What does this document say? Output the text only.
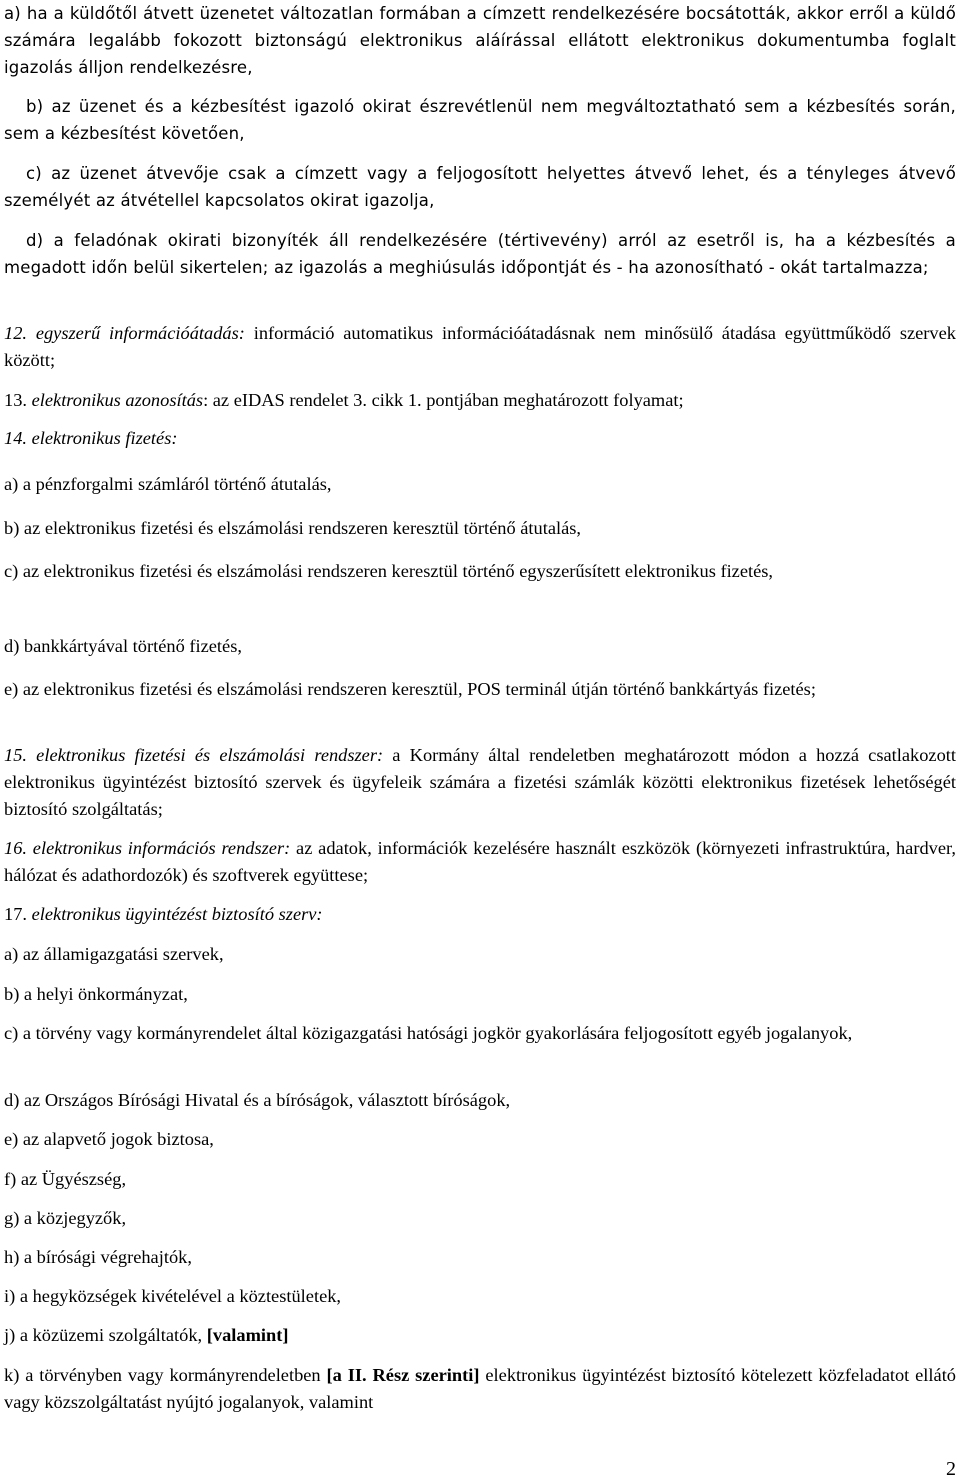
a) ha a küldőtől átvett üzenetet változatlan formában a címzett rendelkezésére bocsátották, akkor erről a küldő számára legalább fokozott biztonságú elektronikus aláírással ellátott elektronikus dokumentumba foglalt igazolás álljon rendelkezésre,

b) az üzenet és a kézbesítést igazoló okirat észrevétlenül nem megváltoztatható sem a kézbesítés során, sem a kézbesítést követően,

c) az üzenet átvevője csak a címzett vagy a feljogosított helyettes átvevő lehet, és a tényleges átvevő személyét az átvétellel kapcsolatos okirat igazolja,

d) a feladónak okirati bizonyíték áll rendelkezésére (tértivevény) arról az esetről is, ha a kézbesítés a megadott időn belül sikertelen; az igazolás a meghiúsulás időpontját és - ha azonosítható - okát tartalmazza;

12. egyszerű információátadás: információ automatikus információátadásnak nem minősülő átadása együttműködő szervek között;

13. elektronikus azonosítás: az eIDAS rendelet 3. cikk 1. pontjában meghatározott folyamat;

14. elektronikus fizetés:

a) a pénzforgalmi számláról történő átutalás,

b) az elektronikus fizetési és elszámolási rendszeren keresztül történő átutalás,

c) az elektronikus fizetési és elszámolási rendszeren keresztül történő egyszerűsített elektronikus fizetés,

d) bankkártyával történő fizetés,

e) az elektronikus fizetési és elszámolási rendszeren keresztül, POS terminál útján történő bankkártyás fizetés;

15. elektronikus fizetési és elszámolási rendszer: a Kormány által rendeletben meghatározott módon a hozzá csatlakozott elektronikus ügyintézést biztosító szervek és ügyfeleik számára a fizetési számlák közötti elektronikus fizetések lehetőségét biztosító szolgáltatás;

16. elektronikus információs rendszer: az adatok, információk kezelésére használt eszközök (környezeti infrastruktúra, hardver, hálózat és adathordozók) és szoftverek együttese;

17. elektronikus ügyintézést biztosító szerv:

a) az államigazgatási szervek,

b) a helyi önkormányzat,

c) a törvény vagy kormányrendelet által közigazgatási hatósági jogkör gyakorlására feljogosított egyéb jogalanyok,

d) az Országos Bírósági Hivatal és a bíróságok, választott bíróságok,

e) az alapvető jogok biztosa,

f) az Ügyészség,

g) a közjegyzők,

h) a bírósági végrehajtók,

i) a hegyközségek kivételével a köztestületek,

j) a közüzemi szolgáltatók, [valamint]

k) a törvényben vagy kormányrendeletben [a II. Rész szerinti] elektronikus ügyintézést biztosító kötelezett közfeladatot ellátó vagy közszolgáltatást nyújtó jogalanyok, valamint

2
